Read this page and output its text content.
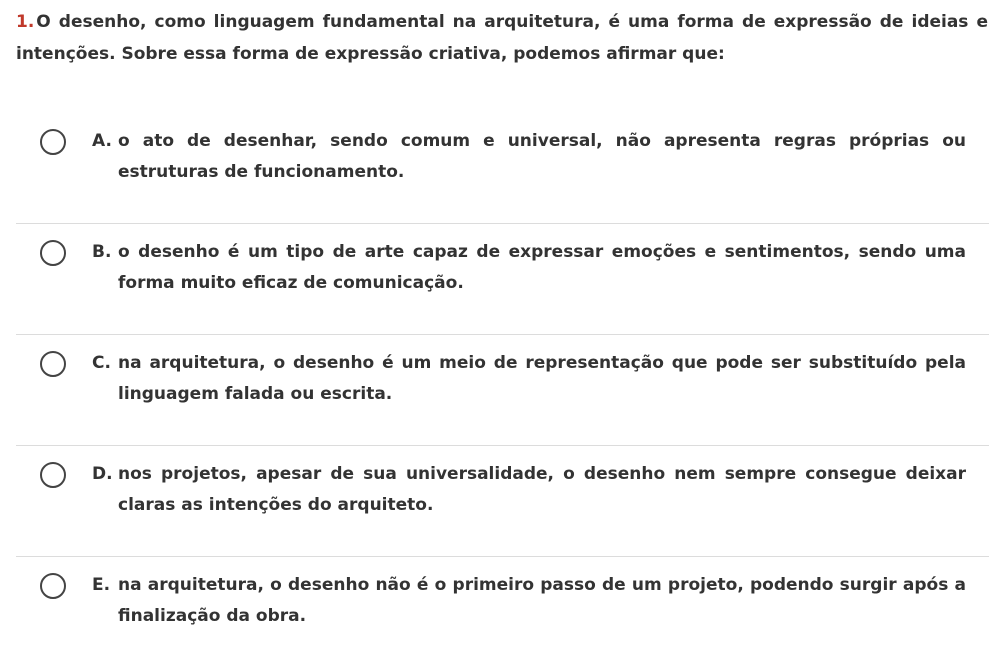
1. O desenho, como linguagem fundamental na arquitetura, é uma forma de expressão de ideias e intenções. Sobre essa forma de expressão criativa, podemos afirmar que:
A. o ato de desenhar, sendo comum e universal, não apresenta regras próprias ou estruturas de funcionamento.
B. o desenho é um tipo de arte capaz de expressar emoções e sentimentos, sendo uma forma muito eficaz de comunicação.
C. na arquitetura, o desenho é um meio de representação que pode ser substituído pela linguagem falada ou escrita.
D. nos projetos, apesar de sua universalidade, o desenho nem sempre consegue deixar claras as intenções do arquiteto.
E. na arquitetura, o desenho não é o primeiro passo de um projeto, podendo surgir após a finalização da obra.
